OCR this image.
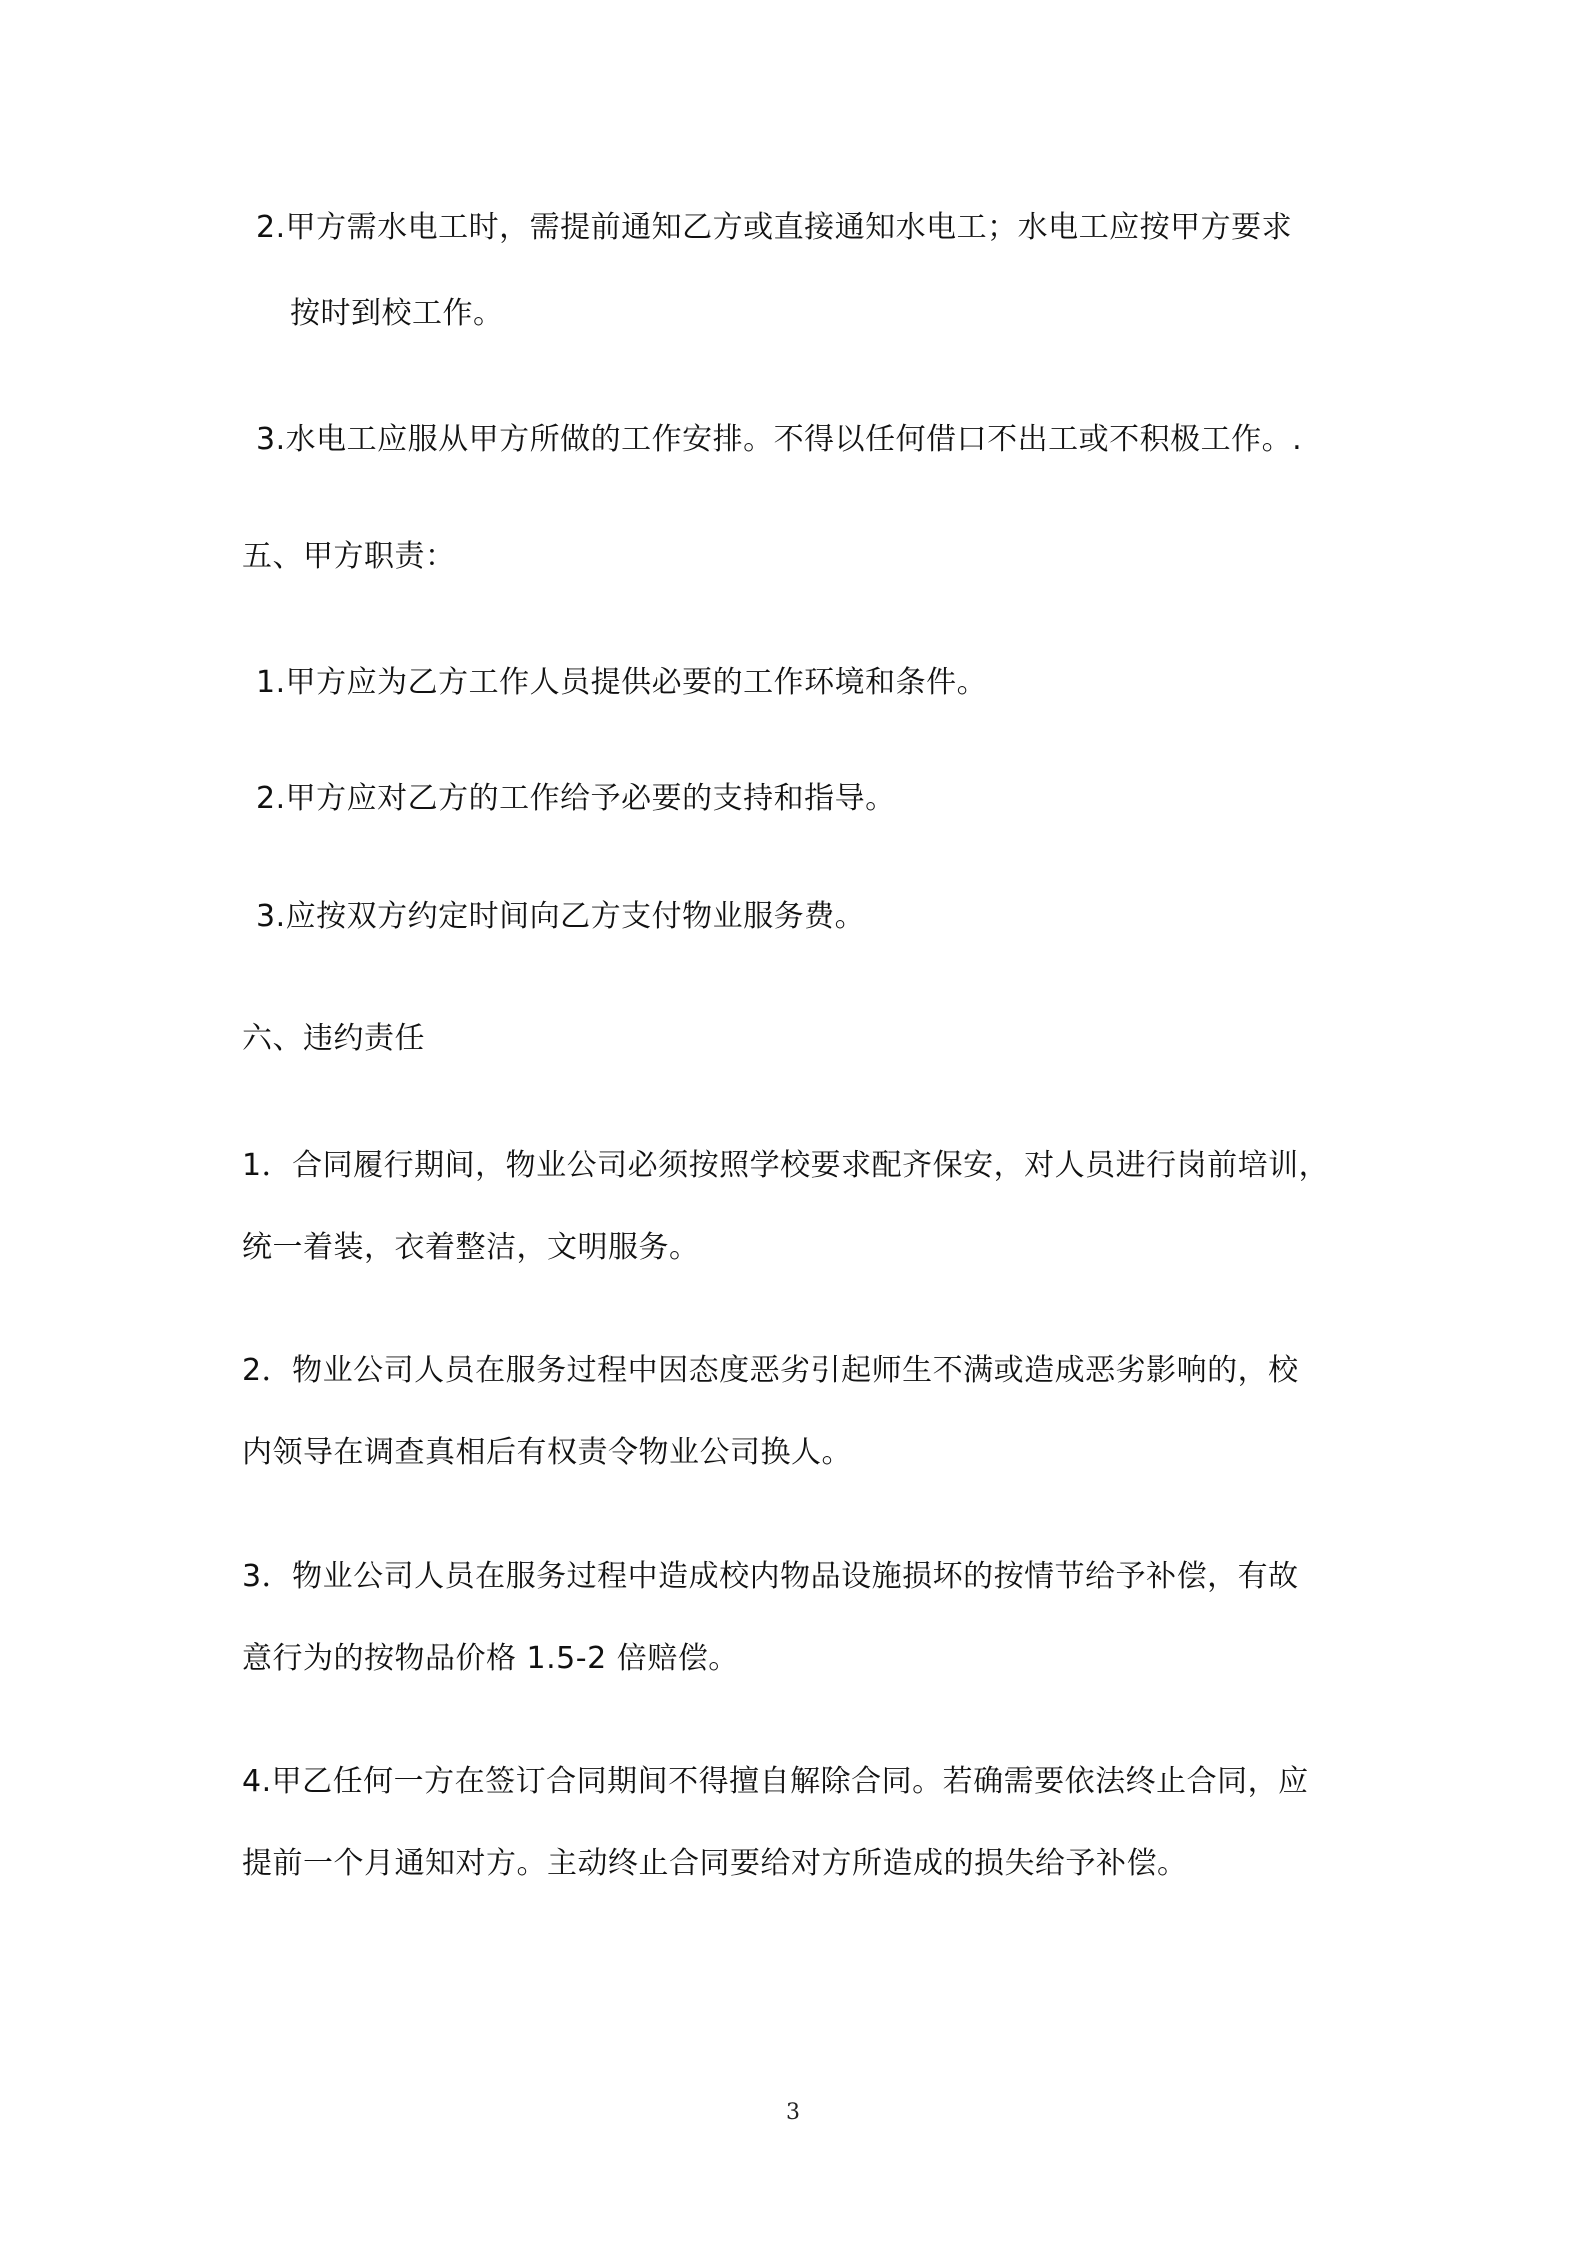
2.甲方需水电工时，需提前通知乙方或直接通知水电工；水电工应按甲方要求
按时到校工作。
3.水电工应服从甲方所做的工作安排。不得以任何借口不出工或不积极工作。.
五、甲方职责：
1.甲方应为乙方工作人员提供必要的工作环境和条件。
2.甲方应对乙方的工作给予必要的支持和指导。
3.应按双方约定时间向乙方支付物业服务费。
六、违约责任
1．合同履行期间，物业公司必须按照学校要求配齐保安，对人员进行岗前培训，
统一着装，衣着整洁，文明服务。
2．物业公司人员在服务过程中因态度恶劣引起师生不满或造成恶劣影响的，校
内领导在调查真相后有权责令物业公司换人。
3．物业公司人员在服务过程中造成校内物品设施损坏的按情节给予补偿，有故
意行为的按物品价格 1.5-2 倍赔偿。
4.甲乙任何一方在签订合同期间不得擅自解除合同。若确需要依法终止合同，应
提前一个月通知对方。主动终止合同要给对方所造成的损失给予补偿。
3
